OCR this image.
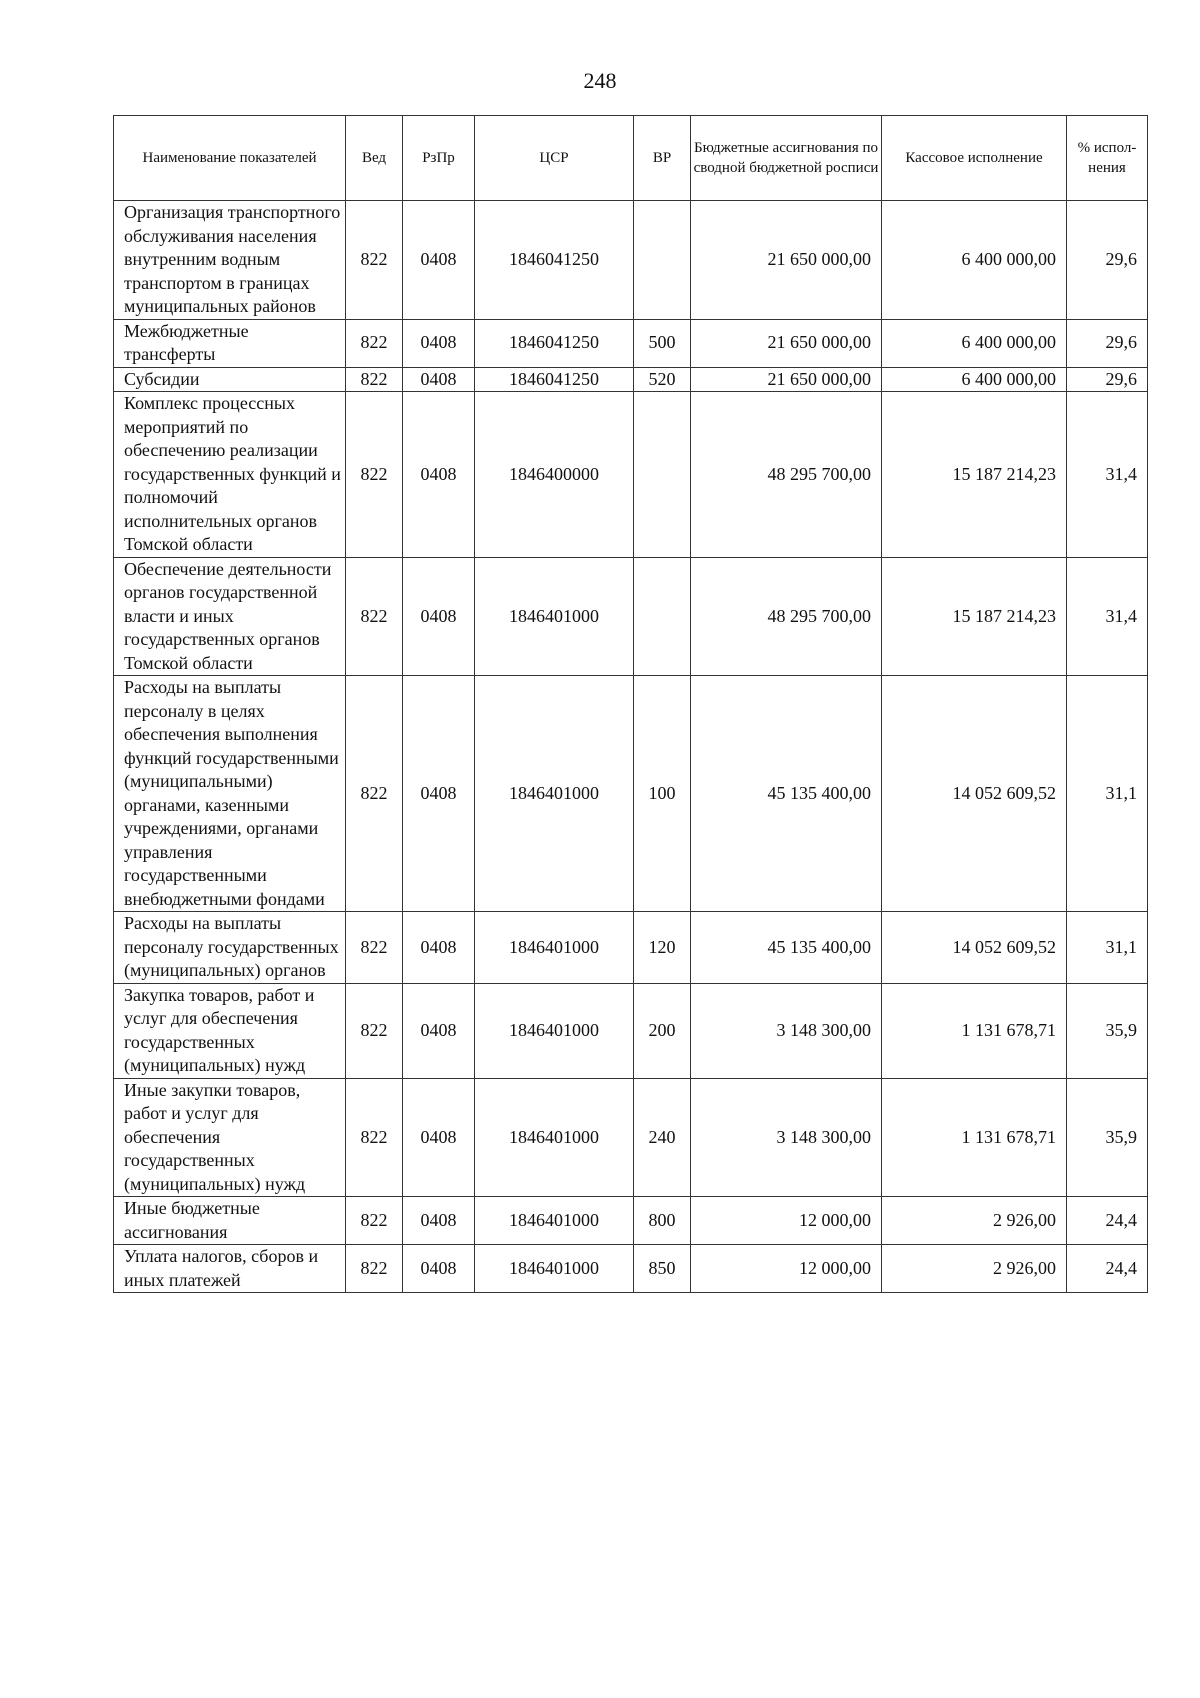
248
Наименование показателей	Вед	РзПр	ЦСР	ВР	Бюджетные ассигнования по сводной бюджетной росписи	Кассовое исполнение	% испол-нения
Организация транспортного обслуживания населения внутренним водным транспортом в границах муниципальных районов	822	0408	1846041250		21 650 000,00	6 400 000,00	29,6
Межбюджетные трансферты	822	0408	1846041250	500	21 650 000,00	6 400 000,00	29,6
Субсидии	822	0408	1846041250	520	21 650 000,00	6 400 000,00	29,6
Комплекс процессных мероприятий по обеспечению реализации государственных функций и полномочий исполнительных органов Томской области	822	0408	1846400000		48 295 700,00	15 187 214,23	31,4
Обеспечение деятельности органов государственной власти и иных государственных органов Томской области	822	0408	1846401000		48 295 700,00	15 187 214,23	31,4
Расходы на выплаты персоналу в целях обеспечения выполнения функций государственными (муниципальными) органами, казенными учреждениями, органами управления государственными внебюджетными фондами	822	0408	1846401000	100	45 135 400,00	14 052 609,52	31,1
Расходы на выплаты персоналу государственных (муниципальных) органов	822	0408	1846401000	120	45 135 400,00	14 052 609,52	31,1
Закупка товаров, работ и услуг для обеспечения государственных (муниципальных) нужд	822	0408	1846401000	200	3 148 300,00	1 131 678,71	35,9
Иные закупки товаров, работ и услуг для обеспечения государственных (муниципальных) нужд	822	0408	1846401000	240	3 148 300,00	1 131 678,71	35,9
Иные бюджетные ассигнования	822	0408	1846401000	800	12 000,00	2 926,00	24,4
Уплата налогов, сборов и иных платежей	822	0408	1846401000	850	12 000,00	2 926,00	24,4
